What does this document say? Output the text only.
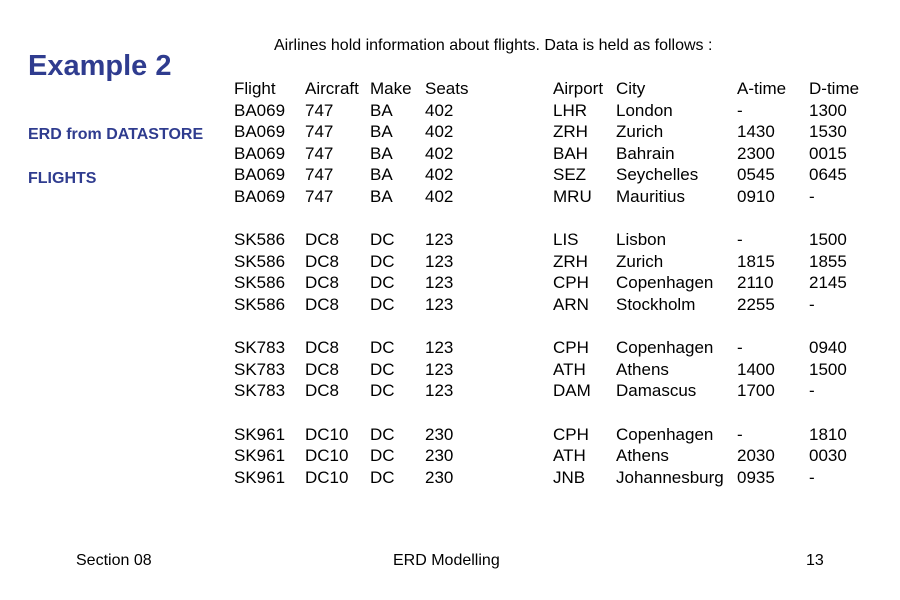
Example 2
Airlines hold information about flights. Data is held as follows :
ERD from DATASTORE
FLIGHTS
Flight Aircraft Make Seats	Airport City	A-time D-time
BA069 747 BA 402	LHR London	-	1300
BA069 747 BA 402	ZRH Zurich	1430 1530
BA069 747 BA 402	BAH Bahrain	2300 0015
BA069 747 BA 402	SEZ Seychelles 0545 0645
BA069 747 BA 402	MRU Mauritius	0910 -
SK586 DC8 DC 123	LIS Lisbon	-	1500
SK586 DC8 DC 123	ZRH Zurich	1815 1855
SK586 DC8 DC 123	CPH Copenhagen 2110 2145
SK586 DC8 DC 123	ARN Stockholm 2255 -
SK783 DC8 DC 123	CPH Copenhagen -	0940
SK783 DC8 DC 123	ATH Athens	1400 1500
SK783 DC8 DC 123	DAM Damascus 1700 -
SK961 DC10 DC 230	CPH Copenhagen -	1810
SK961 DC10 DC 230	ATH Athens	2030 0030
SK961 DC10 DC 230	JNB Johannesburg 0935 -
Section 08	ERD Modelling	13
